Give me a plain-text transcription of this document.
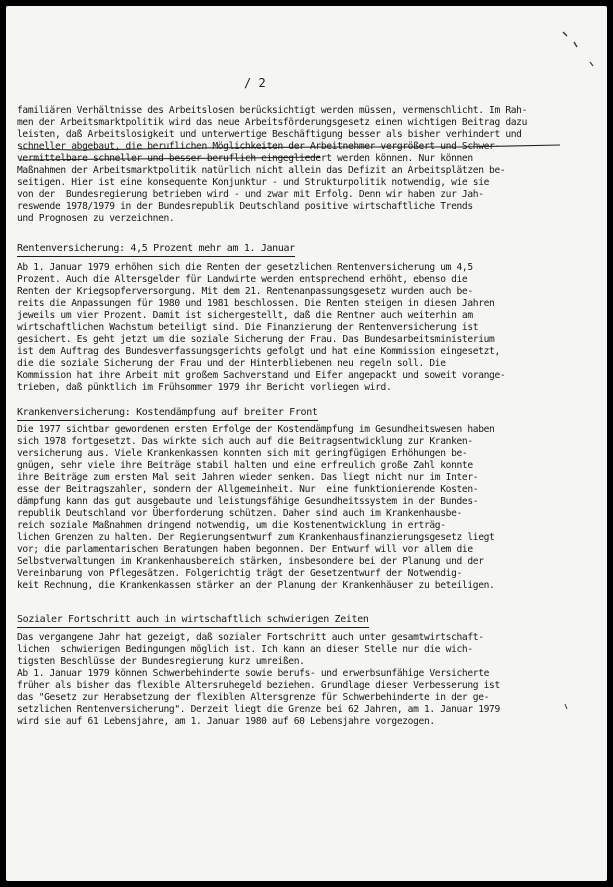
/ 2
familiären Verhältnisse des Arbeitslosen berücksichtigt werden müssen, vermenschlicht. Im Rah-
men der Arbeitsmarktpolitik wird das neue Arbeitsförderungsgesetz einen wichtigen Beitrag dazu
leisten, daß Arbeitslosigkeit und unterwertige Beschäftigung besser als bisher verhindert und
schneller abgebaut, die beruflichen Möglichkeiten der Arbeitnehmer vergrößert und Schwer-
vermittelbare schneller und besser beruflich eingegliedert werden können. Nur können
Maßnahmen der Arbeitsmarktpolitik natürlich nicht allein das Defizit an Arbeitsplätzen be-
seitigen. Hier ist eine konsequente Konjunktur - und Strukturpolitik notwendig, wie sie
von der  Bundesregierung betrieben wird - und zwar mit Erfolg. Denn wir haben zur Jah-
reswende 1978/1979 in der Bundesrepublik Deutschland positive wirtschaftliche Trends
und Prognosen zu verzeichnen.
Rentenversicherung: 4,5 Prozent mehr am 1. Januar
Ab 1. Januar 1979 erhöhen sich die Renten der gesetzlichen Rentenversicherung um 4,5
Prozent. Auch die Altersgelder für Landwirte werden entsprechend erhöht, ebenso die
Renten der Kriegsopferversorgung. Mit dem 21. Rentenanpassungsgesetz wurden auch be-
reits die Anpassungen für 1980 und 1981 beschlossen. Die Renten steigen in diesen Jahren
jeweils um vier Prozent. Damit ist sichergestellt, daß die Rentner auch weiterhin am
wirtschaftlichen Wachstum beteiligt sind. Die Finanzierung der Rentenversicherung ist
gesichert. Es geht jetzt um die soziale Sicherung der Frau. Das Bundesarbeitsministerium
ist dem Auftrag des Bundesverfassungsgerichts gefolgt und hat eine Kommission eingesetzt,
die die soziale Sicherung der Frau und der Hinterbliebenen neu regeln soll. Die
Kommission hat ihre Arbeit mit großem Sachverstand und Eifer angepackt und soweit vorange-
trieben, daß pünktlich im Frühsommer 1979 ihr Bericht vorliegen wird.
Krankenversicherung: Kostendämpfung auf breiter Front
Die 1977 sichtbar gewordenen ersten Erfolge der Kostendämpfung im Gesundheitswesen haben
sich 1978 fortgesetzt. Das wirkte sich auch auf die Beitragsentwicklung zur Kranken-
versicherung aus. Viele Krankenkassen konnten sich mit geringfügigen Erhöhungen be-
gnügen, sehr viele ihre Beiträge stabil halten und eine erfreulich große Zahl konnte
ihre Beiträge zum ersten Mal seit Jahren wieder senken. Das liegt nicht nur im Inter-
esse der Beitragszahler, sondern der Allgemeinheit. Nur  eine funktionierende Kosten-
dämpfung kann das gut ausgebaute und leistungsfähige Gesundheitssystem in der Bundes-
republik Deutschland vor Überforderung schützen. Daher sind auch im Krankenhausbe-
reich soziale Maßnahmen dringend notwendig, um die Kostenentwicklung in erträg-
lichen Grenzen zu halten. Der Regierungsentwurf zum Krankenhausfinanzierungsgesetz liegt
vor; die parlamentarischen Beratungen haben begonnen. Der Entwurf will vor allem die
Selbstverwaltungen im Krankenhausbereich stärken, insbesondere bei der Planung und der
Vereinbarung von Pflegesätzen. Folgerichtig trägt der Gesetzentwurf der Notwendig-
keit Rechnung, die Krankenkassen stärker an der Planung der Krankenhäuser zu beteiligen.
Sozialer Fortschritt auch in wirtschaftlich schwierigen Zeiten
Das vergangene Jahr hat gezeigt, daß sozialer Fortschritt auch unter gesamtwirtschaft-
lichen  schwierigen Bedingungen möglich ist. Ich kann an dieser Stelle nur die wich-
tigsten Beschlüsse der Bundesregierung kurz umreißen.
Ab 1. Januar 1979 können Schwerbehinderte sowie berufs- und erwerbsunfähige Versicherte
früher als bisher das flexible Altersruhegeld beziehen. Grundlage dieser Verbesserung ist
das "Gesetz zur Herabsetzung der flexiblen Altersgrenze für Schwerbehinderte in der ge-
setzlichen Rentenversicherung". Derzeit liegt die Grenze bei 62 Jahren, am 1. Januar 1979
wird sie auf 61 Lebensjahre, am 1. Januar 1980 auf 60 Lebensjahre vorgezogen.
